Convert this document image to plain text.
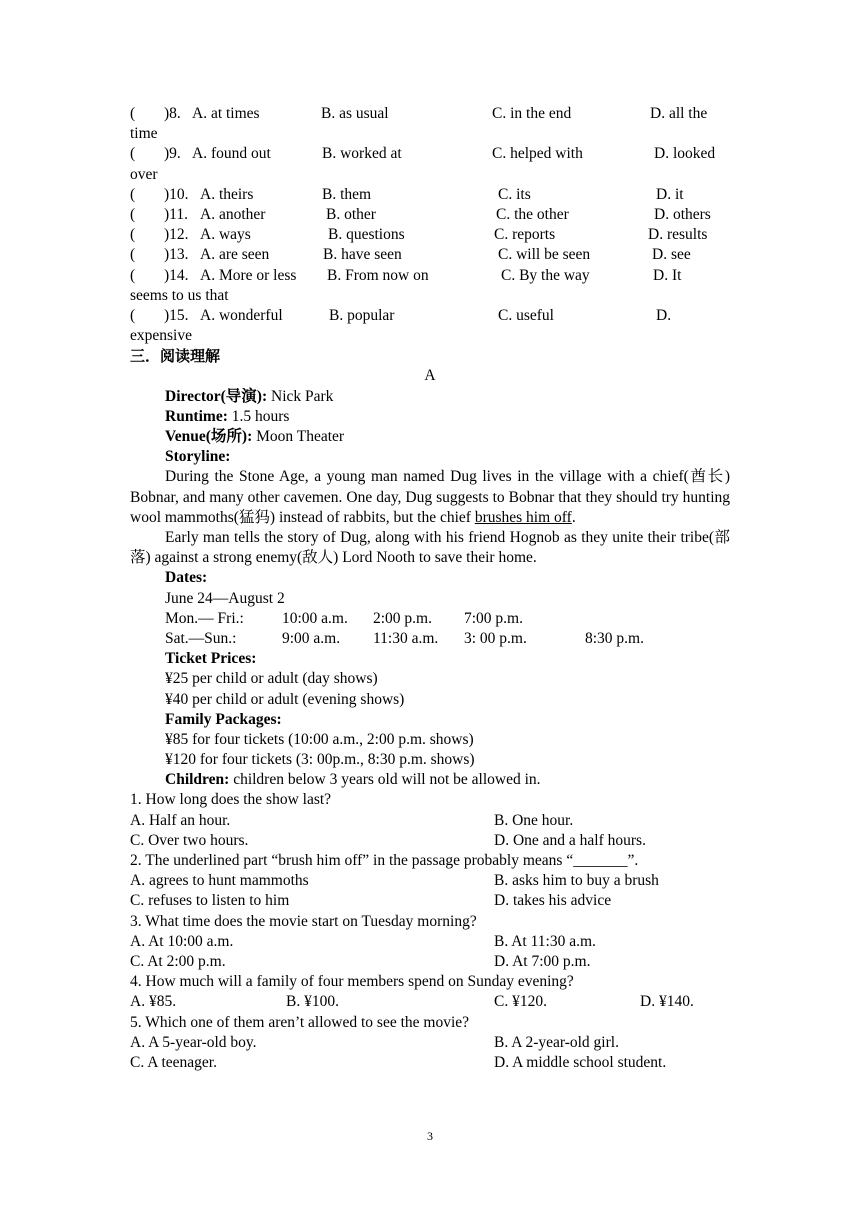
( )8. A. at times	B. as usual	C. in the end	D. all the
time
( )9. A. found out	B. worked at	C. helped with	D. looked
over
( )10. A. theirs	B. them	C. its	D. it
( )11. A. another	B. other	C. the other	D. others
( )12. A. ways	B. questions	C. reports	D. results
( )13. A. are seen	B. have seen	C. will be seen	D. see
( )14. A. More or less B. From now on	C. By the way	D. It
seems to us that
( )15. A. wonderful	B. popular	C. useful	D.
expensive
三．阅读理解
A
Director(导演): Nick Park
Runtime: 1.5 hours
Venue(场所): Moon Theater
Storyline:
During the Stone Age, a young man named Dug lives in the village with a chief(酋长) Bobnar, and many other cavemen. One day, Dug suggests to Bobnar that they should try hunting wool mammoths(猛犸) instead of rabbits, but the chief brushes him off.
Early man tells the story of Dug, along with his friend Hognob as they unite their tribe(部落) against a strong enemy(敌人) Lord Nooth to save their home.
Dates:
June 24—August 2
Mon.— Fri.: 10:00 a.m. 2:00 p.m. 7:00 p.m.
Sat.—Sun.:	9:00 a.m. 11:30 a.m. 3: 00 p.m.	8:30 p.m.
Ticket Prices:
¥25 per child or adult (day shows)
¥40 per child or adult (evening shows)
Family Packages:
¥85 for four tickets (10:00 a.m., 2:00 p.m. shows)
¥120 for four tickets (3: 00p.m., 8:30 p.m. shows)
Children: children below 3 years old will not be allowed in.
1. How long does the show last?
A. Half an hour.	B. One hour.
C. Over two hours.	D. One and a half hours.
2. The underlined part “brush him off” in the passage probably means “_______”.
A. agrees to hunt mammoths	B. asks him to buy a brush
C. refuses to listen to him	D. takes his advice
3. What time does the movie start on Tuesday morning?
A. At 10:00 a.m.	B. At 11:30 a.m.
C. At 2:00 p.m.	D. At 7:00 p.m.
4. How much will a family of four members spend on Sunday evening?
A. ¥85.	B. ¥100.	C. ¥120.	D. ¥140.
5. Which one of them aren’t allowed to see the movie?
A. A 5-year-old boy.	B. A 2-year-old girl.
C. A teenager.	D. A middle school student.
3
